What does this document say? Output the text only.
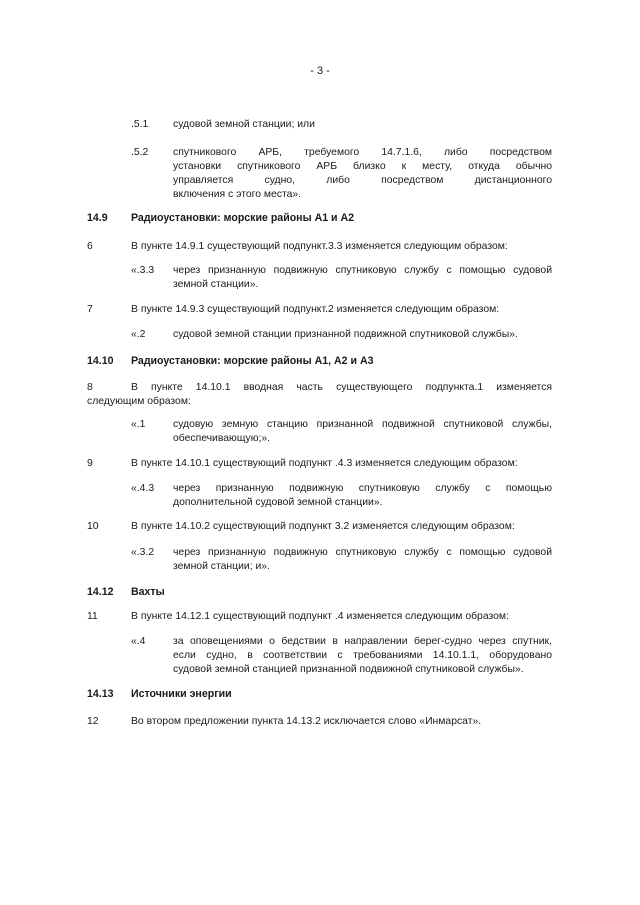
- 3 -
.5.1 судовой земной станции; или
.5.2 спутникового АРБ, требуемого 14.7.1.6, либо посредством
установки спутникового АРБ близко к месту, откуда обычно
управляется судно, либо посредством дистанционного
включения с этого места».
14.9 Радиоустановки: морские районы А1 и А2
6	В пункте 14.9.1 существующий подпункт.3.3 изменяется следующим образом:
«.3.3 через признанную подвижную спутниковую службу с помощью судовой
земной станции».
7	В пункте 14.9.3 существующий подпункт.2 изменяется следующим образом:
«.2	судовой земной станции признанной подвижной спутниковой службы».
14.10 Радиоустановки: морские районы А1, А2 и А3
8	В пункте 14.10.1 вводная часть существующего подпункта.1 изменяется
следующим образом:
«.1	судовую земную станцию признанной подвижной спутниковой службы,
обеспечивающую;».
9	В пункте 14.10.1 существующий подпункт .4.3 изменяется следующим образом:
«.4.3 через признанную подвижную спутниковую службу с помощью
дополнительной судовой земной станции».
10	В пункте 14.10.2 существующий подпункт 3.2 изменяется следующим образом:
«.3.2 через признанную подвижную спутниковую службу с помощью судовой
земной станции; и».
14.12 Вахты
11	В пункте 14.12.1 существующий подпункт .4 изменяется следующим образом:
«.4	за оповещениями о бедствии в направлении берег-судно через спутник,
если судно, в соответствии с требованиями 14.10.1.1, оборудовано
судовой земной станцией признанной подвижной спутниковой службы».
14.13 Источники энергии
12	Во втором предложении пункта 14.13.2 исключается слово «Инмарсат».
